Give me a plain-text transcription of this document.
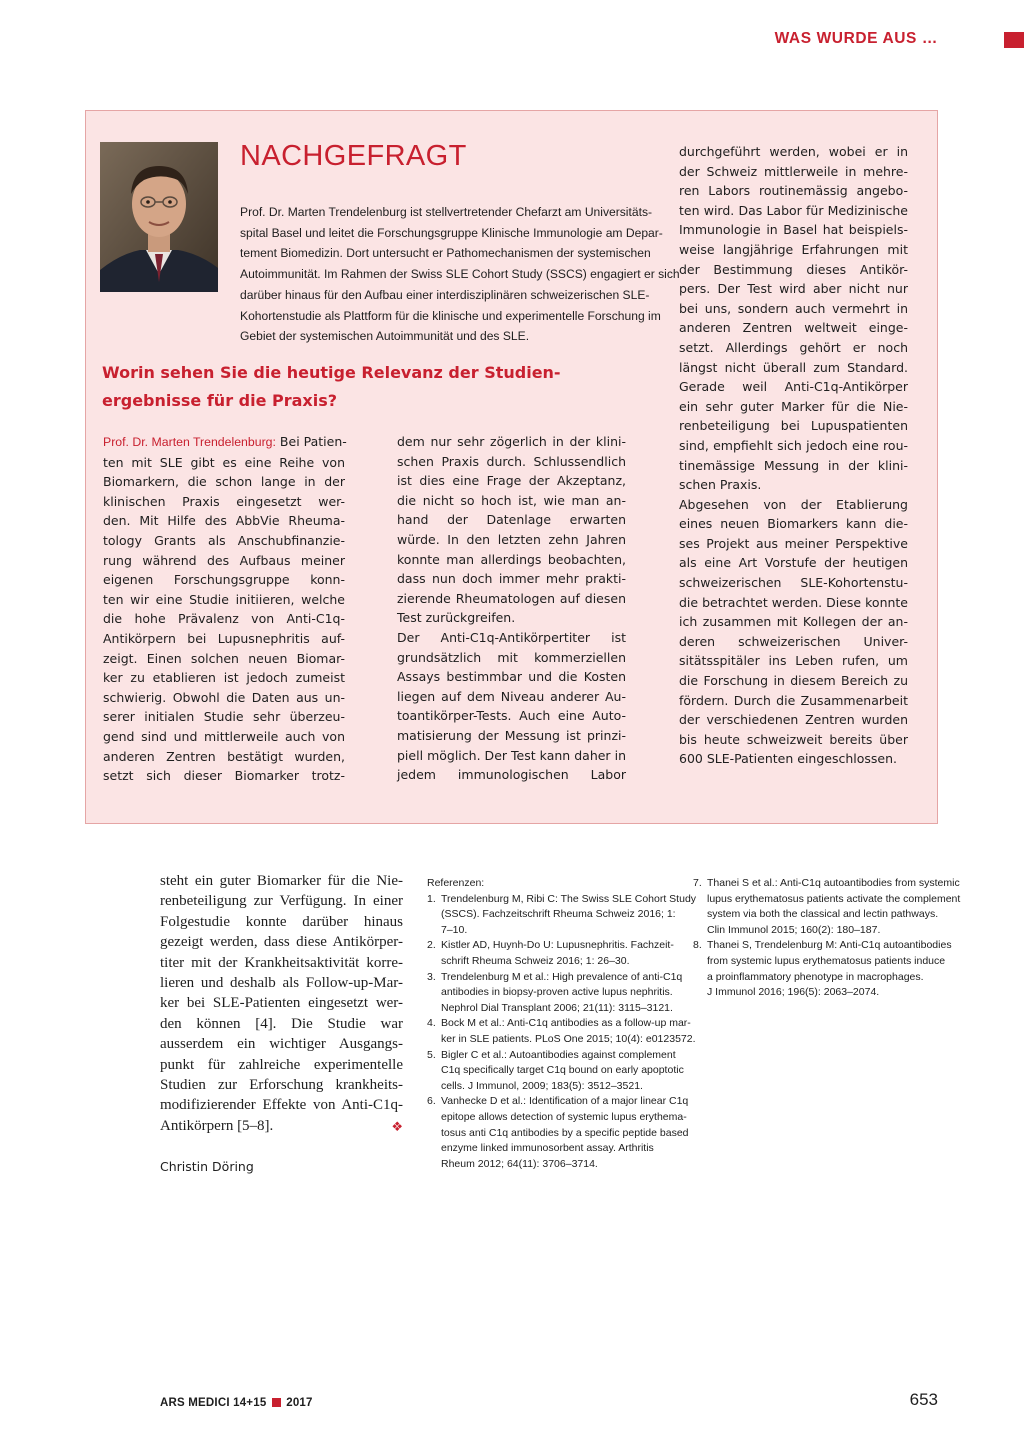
WAS WURDE AUS …
NACHGEFRAGT
Prof. Dr. Marten Trendelenburg ist stellvertretender Chefarzt am Universitäts-
spital Basel und leitet die Forschungsgruppe Klinische Immunologie am Depar-
tement Biomedizin. Dort untersucht er Pathomechanismen der systemischen
Autoimmunität. Im Rahmen der Swiss SLE Cohort Study (SSCS) engagiert er sich
darüber hinaus für den Aufbau einer interdisziplinären schweizerischen SLE-
Kohortenstudie als Plattform für die klinische und experimentelle Forschung im
Gebiet der systemischen Autoimmunität und des SLE.
Worin sehen Sie die heutige Relevanz der Studien-
ergebnisse für die Praxis?
Prof. Dr. Marten Trendelenburg: Bei Patien-
ten mit SLE gibt es eine Reihe von
Biomarkern, die schon lange in der
klinischen Praxis eingesetzt wer-
den. Mit Hilfe des AbbVie Rheuma-
tology Grants als Anschubfinanzie-
rung während des Aufbaus meiner
eigenen Forschungsgruppe konn-
ten wir eine Studie initiieren, welche
die hohe Prävalenz von Anti-C1q-
Antikörpern bei Lupusnephritis auf-
zeigt. Einen solchen neuen Biomar-
ker zu etablieren ist jedoch zumeist
schwierig. Obwohl die Daten aus un-
serer initialen Studie sehr überzeu-
gend sind und mittlerweile auch von
anderen Zentren bestätigt wurden,
setzt sich dieser Biomarker trotz-
dem nur sehr zögerlich in der klini-
schen Praxis durch. Schlussendlich
ist dies eine Frage der Akzeptanz,
die nicht so hoch ist, wie man an-
hand der Datenlage erwarten
würde. In den letzten zehn Jahren
konnte man allerdings beobachten,
dass nun doch immer mehr prakti-
zierende Rheumatologen auf diesen
Test zurückgreifen.
Der Anti-C1q-Antikörpertiter ist
grundsätzlich mit kommerziellen
Assays bestimmbar und die Kosten
liegen auf dem Niveau anderer Au-
toantikörper-Tests. Auch eine Auto-
matisierung der Messung ist prinzi-
piell möglich. Der Test kann daher in
jedem immunologischen Labor
durchgeführt werden, wobei er in
der Schweiz mittlerweile in mehre-
ren Labors routinemässig angebo-
ten wird. Das Labor für Medizinische
Immunologie in Basel hat beispiels-
weise langjährige Erfahrungen mit
der Bestimmung dieses Antikör-
pers. Der Test wird aber nicht nur
bei uns, sondern auch vermehrt in
anderen Zentren weltweit einge-
setzt. Allerdings gehört er noch
längst nicht überall zum Standard.
Gerade weil Anti-C1q-Antikörper
ein sehr guter Marker für die Nie-
renbeteiligung bei Lupuspatienten
sind, empfiehlt sich jedoch eine rou-
tinemässige Messung in der klini-
schen Praxis.
Abgesehen von der Etablierung
eines neuen Biomarkers kann die-
ses Projekt aus meiner Perspektive
als eine Art Vorstufe der heutigen
schweizerischen SLE-Kohortenstu-
die betrachtet werden. Diese konnte
ich zusammen mit Kollegen der an-
deren schweizerischen Univer-
sitätsspitäler ins Leben rufen, um
die Forschung in diesem Bereich zu
fördern. Durch die Zusammenarbeit
der verschiedenen Zentren wurden
bis heute schweizweit bereits über
600 SLE-Patienten eingeschlossen.
steht ein guter Biomarker für die Nie-
renbeteiligung zur Verfügung. In einer
Folgestudie konnte darüber hinaus
gezeigt werden, dass diese Antikörper-
titer mit der Krankheitsaktivität korre-
lieren und deshalb als Follow-up-Mar-
ker bei SLE-Patienten eingesetzt wer-
den können [4]. Die Studie war
ausserdem ein wichtiger Ausgangs-
punkt für zahlreiche experimentelle
Studien zur Erforschung krankheits-
modifizierender Effekte von Anti-C1q-
Antikörpern [5–8].	❖
Christin Döring
Referenzen:
1. Trendelenburg M, Ribi C: The Swiss SLE Cohort Study
(SSCS). Fachzeitschrift Rheuma Schweiz 2016; 1:
7–10.
2. Kistler AD, Huynh-Do U: Lupusnephritis. Fachzeit-
schrift Rheuma Schweiz 2016; 1: 26–30.
3. Trendelenburg M et al.: High prevalence of anti-C1q
antibodies in biopsy-proven active lupus nephritis.
Nephrol Dial Transplant 2006; 21(11): 3115–3121.
4. Bock M et al.: Anti-C1q antibodies as a follow-up mar-
ker in SLE patients. PLoS One 2015; 10(4): e0123572.
5. Bigler C et al.: Autoantibodies against complement
C1q specifically target C1q bound on early apoptotic
cells. J Immunol, 2009; 183(5): 3512–3521.
6. Vanhecke D et al.: Identification of a major linear C1q
epitope allows detection of systemic lupus erythema-
tosus anti C1q antibodies by a specific peptide based
enzyme linked immunosorbent assay. Arthritis
Rheum 2012; 64(11): 3706–3714.
7. Thanei S et al.: Anti-C1q autoantibodies from systemic
lupus erythematosus patients activate the complement
system via both the classical and lectin pathways.
Clin Immunol 2015; 160(2): 180–187.
8. Thanei S, Trendelenburg M: Anti-C1q autoantibodies
from systemic lupus erythematosus patients induce
a proinflammatory phenotype in macrophages.
J Immunol 2016; 196(5): 2063–2074.
ARS MEDICI 14+15 2017	653
